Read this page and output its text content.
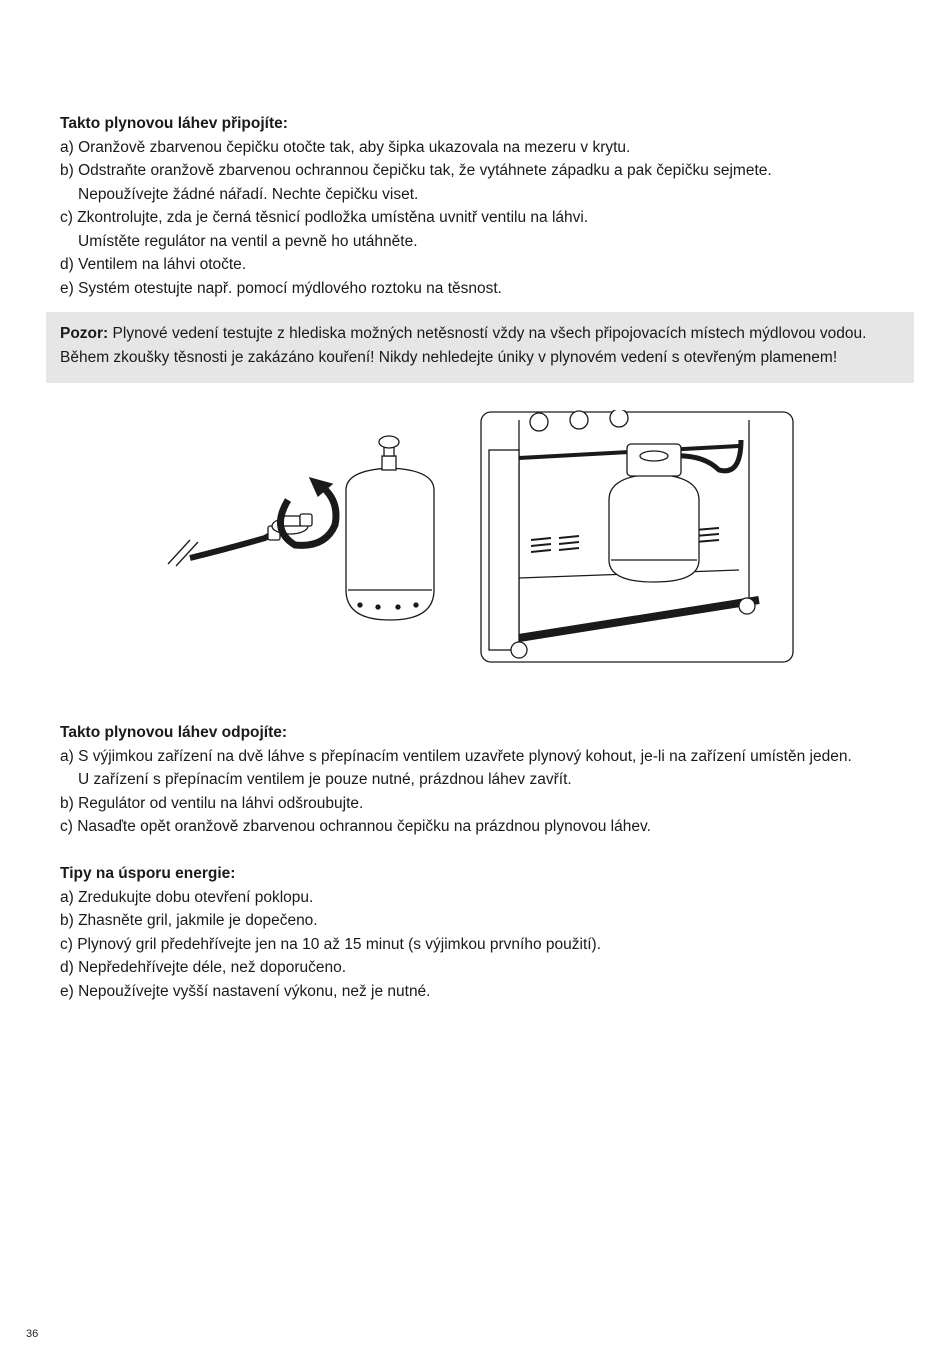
Takto plynovou láhev připojíte:
a) Oranžově zbarvenou čepičku otočte tak, aby šipka ukazovala na mezeru v krytu.
b) Odstraňte oranžově zbarvenou ochrannou čepičku tak, že vytáhnete západku a pak čepičku sejmete.
Nepoužívejte žádné nářadí. Nechte čepičku viset.
c) Zkontrolujte, zda je černá těsnicí podložka umístěna uvnitř ventilu na láhvi.
Umístěte regulátor na ventil a pevně ho utáhněte.
d) Ventilem na láhvi otočte.
e) Systém otestujte např. pomocí mýdlového roztoku na těsnost.
Pozor: Plynové vedení testujte z hlediska možných netěsností vždy na všech připojovacích místech mýdlovou vodou.
Během zkoušky těsnosti je zakázáno kouření! Nikdy nehledejte úniky v plynovém vedení s otevřeným plamenem!
Takto plynovou láhev odpojíte:
a) S výjimkou zařízení na dvě láhve s přepínacím ventilem uzavřete plynový kohout, je-li na zařízení umístěn jeden.
U zařízení s přepínacím ventilem je pouze nutné, prázdnou láhev zavřít.
b) Regulátor od ventilu na láhvi odšroubujte.
c) Nasaďte opět oranžově zbarvenou ochrannou čepičku na prázdnou plynovou láhev.
Tipy na úsporu energie:
a) Zredukujte dobu otevření poklopu.
b) Zhasněte gril, jakmile je dopečeno.
c) Plynový gril předehřívejte jen na 10 až 15 minut (s výjimkou prvního použití).
d) Nepředehřívejte déle, než doporučeno.
e) Nepoužívejte vyšší nastavení výkonu, než je nutné.
36
